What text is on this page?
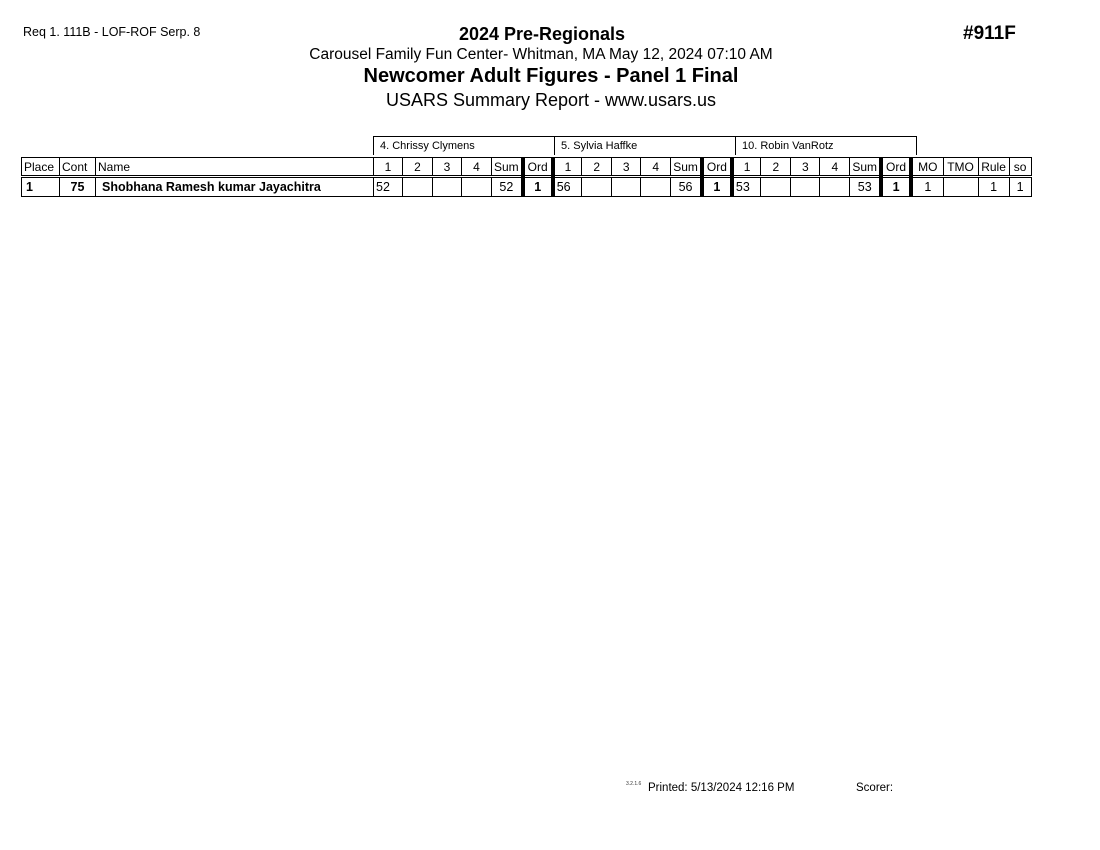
Req 1. 111B - LOF-ROF Serp. 8	#911F
2024 Pre-Regionals
Carousel Family Fun Center- Whitman, MA May 12, 2024 07:10 AM
Newcomer Adult Figures - Panel 1 Final
USARS Summary Report - www.usars.us
4. Chrissy Clymens	5. Sylvia Haffke	10. Robin VanRotz
Place	Cont	Name	1	2	3	4	Sum	Ord	1	2	3	4	Sum	Ord	1	2	3	4	Sum	Ord	MO	TMO	Rule	so
1	75	Shobhana Ramesh kumar Jayachitra	52				52	1	56				56	1	53				53	1	1		1	1
3.2.1.6 Printed: 5/13/2024 12:16 PM	Scorer:
